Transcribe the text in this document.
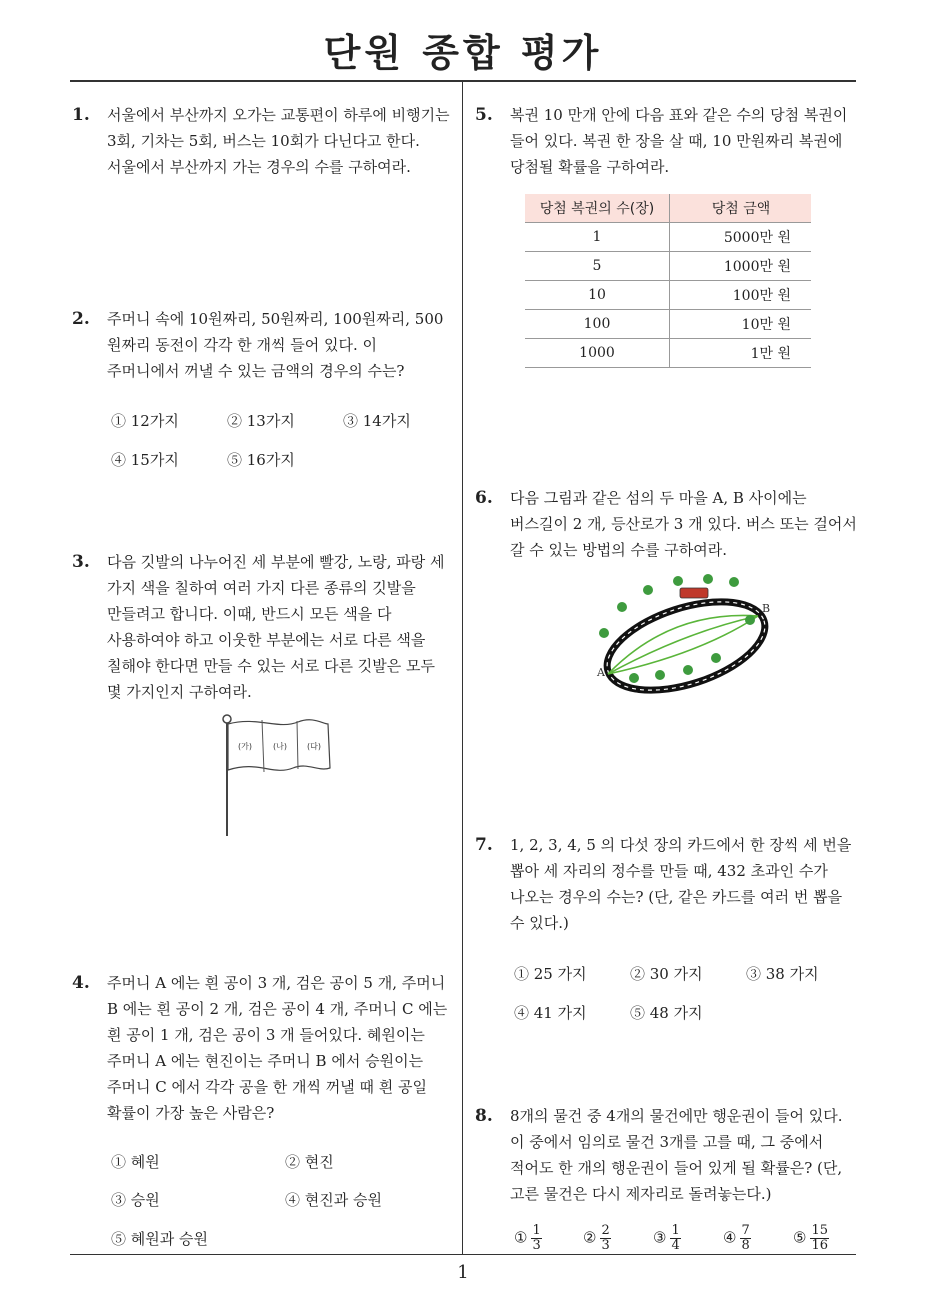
단원 종합 평가
1
1. 서울에서 부산까지 오가는 교통편이 하루에 비행기는
3회, 기차는 5회, 버스는 10회가 다닌다고 한다.
서울에서 부산까지 가는 경우의 수를 구하여라.
2. 주머니 속에 10원짜리, 50원짜리, 100원짜리, 500
원짜리 동전이 각각 한 개씩 들어 있다. 이
주머니에서 꺼낼 수 있는 금액의 경우의 수는?
① 12가지	② 13가지	③ 14가지
④ 15가지	⑤ 16가지
3. 다음 깃발의 나누어진 세 부분에 빨강, 노랑, 파랑 세
가지 색을 칠하여 여러 가지 다른 종류의 깃발을
만들려고 합니다. 이때, 반드시 모든 색을 다
사용하여야 하고 이웃한 부분에는 서로 다른 색을
칠해야 한다면 만들 수 있는 서로 다른 깃발은 모두
몇 가지인지 구하여라.
(가)	(나)	(다)
4. 주머니 A 에는 흰 공이 3 개, 검은 공이 5 개, 주머니
B 에는 흰 공이 2 개, 검은 공이 4 개, 주머니 C 에는
흰 공이 1 개, 검은 공이 3 개 들어있다. 혜원이는
주머니 A 에는 현진이는 주머니 B 에서 승원이는
주머니 C 에서 각각 공을 한 개씩 꺼낼 때 흰 공일
확률이 가장 높은 사람은?
① 혜원	② 현진
③ 승원	④ 현진과 승원
⑤ 혜원과 승원
5. 복권 10 만개 안에 다음 표와 같은 수의 당첨 복권이
들어 있다. 복권 한 장을 살 때, 10 만원짜리 복권에
당첨될 확률을 구하여라.
당첨 복권의 수(장)	당첨 금액
1	5000만 원
5	1000만 원
10	100만 원
100	10만 원
1000	1만 원
6. 다음 그림과 같은 섬의 두 마을 A, B 사이에는
버스길이 2 개, 등산로가 3 개 있다. 버스 또는 걸어서
갈 수 있는 방법의 수를 구하여라.
A
B
7. 1, 2, 3, 4, 5 의 다섯 장의 카드에서 한 장씩 세 번을
뽑아 세 자리의 정수를 만들 때, 432 초과인 수가
나오는 경우의 수는? (단, 같은 카드를 여러 번 뽑을
수 있다.)
① 25 가지	② 30 가지	③ 38 가지
④ 41 가지	⑤ 48 가지
8. 8개의 물건 중 4개의 물건에만 행운권이 들어 있다.
이 중에서 임의로 물건 3개를 고를 때, 그 중에서
적어도 한 개의 행운권이 들어 있게 될 확률은? (단,
고른 물건은 다시 제자리로 돌려놓는다.)
① $\frac{1}{3}$	② $\frac{2}{3}$	③ $\frac{1}{4}$	④ $\frac{7}{8}$	⑤ $\frac{15}{16}$
